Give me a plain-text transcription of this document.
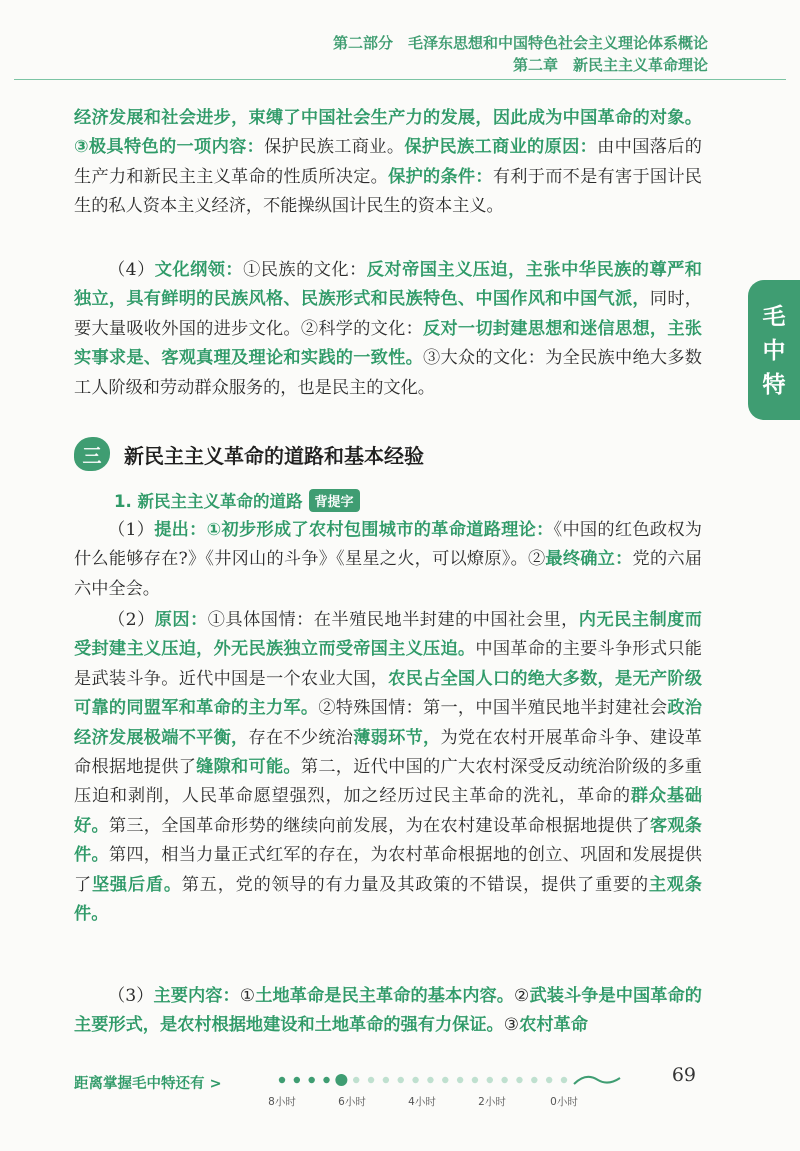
第二部分　毛泽东思想和中国特色社会主义理论体系概论
第二章　新民主主义革命理论
毛
中
特

经济发展和社会进步，束缚了中国社会生产力的发展，因此成为中国革命的对象。③极具特色的一项内容：保护民族工商业。保护民族工商业的原因：由中国落后的生产力和新民主主义革命的性质所决定。保护的条件：有利于而不是有害于国计民生的私人资本主义经济，不能操纵国计民生的资本主义。

（4）文化纲领：①民族的文化：反对帝国主义压迫，主张中华民族的尊严和独立，具有鲜明的民族风格、民族形式和民族特色、中国作风和中国气派，同时，要大量吸收外国的进步文化。②科学的文化：反对一切封建思想和迷信思想，主张实事求是、客观真理及理论和实践的一致性。③大众的文化：为全民族中绝大多数工人阶级和劳动群众服务的，也是民主的文化。

三	新民主主义革命的道路和基本经验
1. 新民主主义革命的道路 背提字

（1）提出：①初步形成了农村包围城市的革命道路理论：《中国的红色政权为什么能够存在?》《井冈山的斗争》《星星之火，可以燎原》。②最终确立：党的六届六中全会。

（2）原因：①具体国情：在半殖民地半封建的中国社会里，内无民主制度而受封建主义压迫，外无民族独立而受帝国主义压迫。中国革命的主要斗争形式只能是武装斗争。近代中国是一个农业大国，农民占全国人口的绝大多数，是无产阶级可靠的同盟军和革命的主力军。②特殊国情：第一，中国半殖民地半封建社会政治经济发展极端不平衡，存在不少统治薄弱环节，为党在农村开展革命斗争、建设革命根据地提供了缝隙和可能。第二，近代中国的广大农村深受反动统治阶级的多重压迫和剥削，人民革命愿望强烈，加之经历过民主革命的洗礼，革命的群众基础好。第三，全国革命形势的继续向前发展，为在农村建设革命根据地提供了客观条件。第四，相当力量正式红军的存在，为农村革命根据地的创立、巩固和发展提供了坚强后盾。第五，党的领导的有力量及其政策的不错误，提供了重要的主观条件。

（3）主要内容：①土地革命是民主革命的基本内容。②武装斗争是中国革命的主要形式，是农村根据地建设和土地革命的强有力保证。③农村革命

距离掌握毛中特还有 >
8小时	6小时	4小时	2小时	0小时
69
